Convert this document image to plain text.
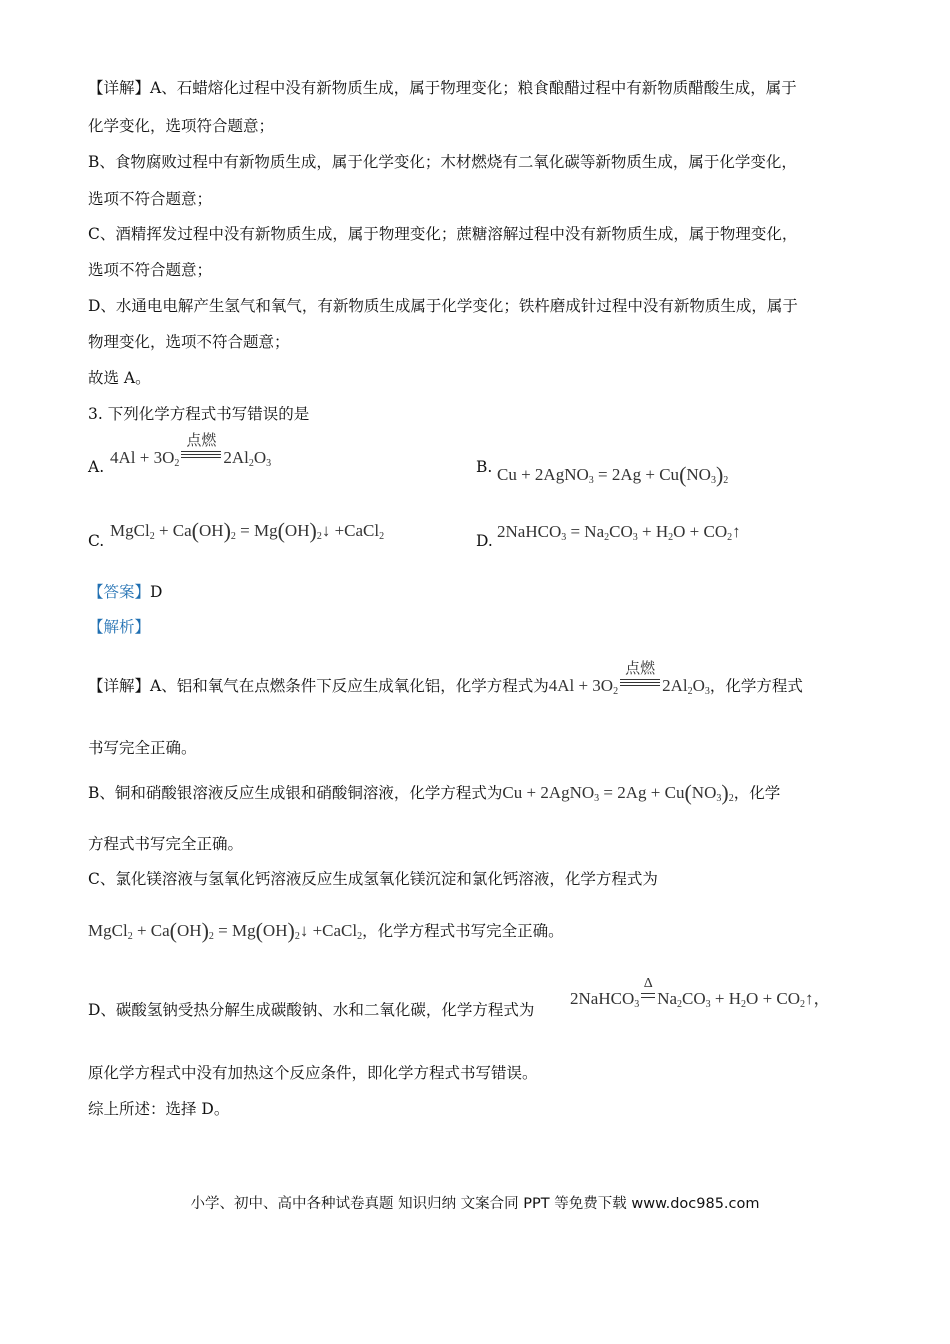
【详解】A、石蜡熔化过程中没有新物质生成，属于物理变化；粮食酿醋过程中有新物质醋酸生成，属于
化学变化，选项符合题意；
B、食物腐败过程中有新物质生成，属于化学变化；木材燃烧有二氧化碳等新物质生成，属于化学变化，
选项不符合题意；
C、酒精挥发过程中没有新物质生成，属于物理变化；蔗糖溶解过程中没有新物质生成，属于物理变化，
选项不符合题意；
D、水通电电解产生氢气和氧气，有新物质生成属于化学变化；铁杵磨成针过程中没有新物质生成，属于
物理变化，选项不符合题意；
故选 A。
3. 下列化学方程式书写错误的是
A. $4Al + 3O_2$
点燃
$2Al_2O_3$	B. Cu + 2AgNO$_3$ = $2Ag + Cu(NO_3)_2$
C.
MgCl$_2$ + $Ca(OH)_2$ = $Mg(OH)_2↓$ +CaCl$_2$	D. 2NaHCO$_3$ = $Na_2CO_3 + H_2O$ + $CO_2↑$
【答案】D
【解析】
【详解】A、铝和氧气在点燃条件下反应生成氧化铝，化学方程式为$4Al + 3O_2$
点燃
$2Al_2O_3$，化学方程式
书写完全正确。
B、铜和硝酸银溶液反应生成银和硝酸铜溶液，化学方程式为Cu + 2AgNO$_3$ = $2Ag + Cu(NO_3)_2$，化学
方程式书写完全正确。
C、氯化镁溶液与氢氧化钙溶液反应生成氢氧化镁沉淀和氯化钙溶液，化学方程式为
MgCl$_2$ + $Ca(OH)_2$ = $Mg(OH)_2↓$ +CaCl$_2$，化学方程式书写完全正确。
D、碳酸氢钠受热分解生成碳酸钠、水和二氧化碳，化学方程式为
2NaHCO$_3$
Δ
$Na_2CO_3 + H_2O$ + $CO_2↑$，
原化学方程式中没有加热这个反应条件，即化学方程式书写错误。
综上所述：选择 D。
小学、初中、高中各种试卷真题 知识归纳 文案合同 PPT 等免费下载 www.doc985.com
